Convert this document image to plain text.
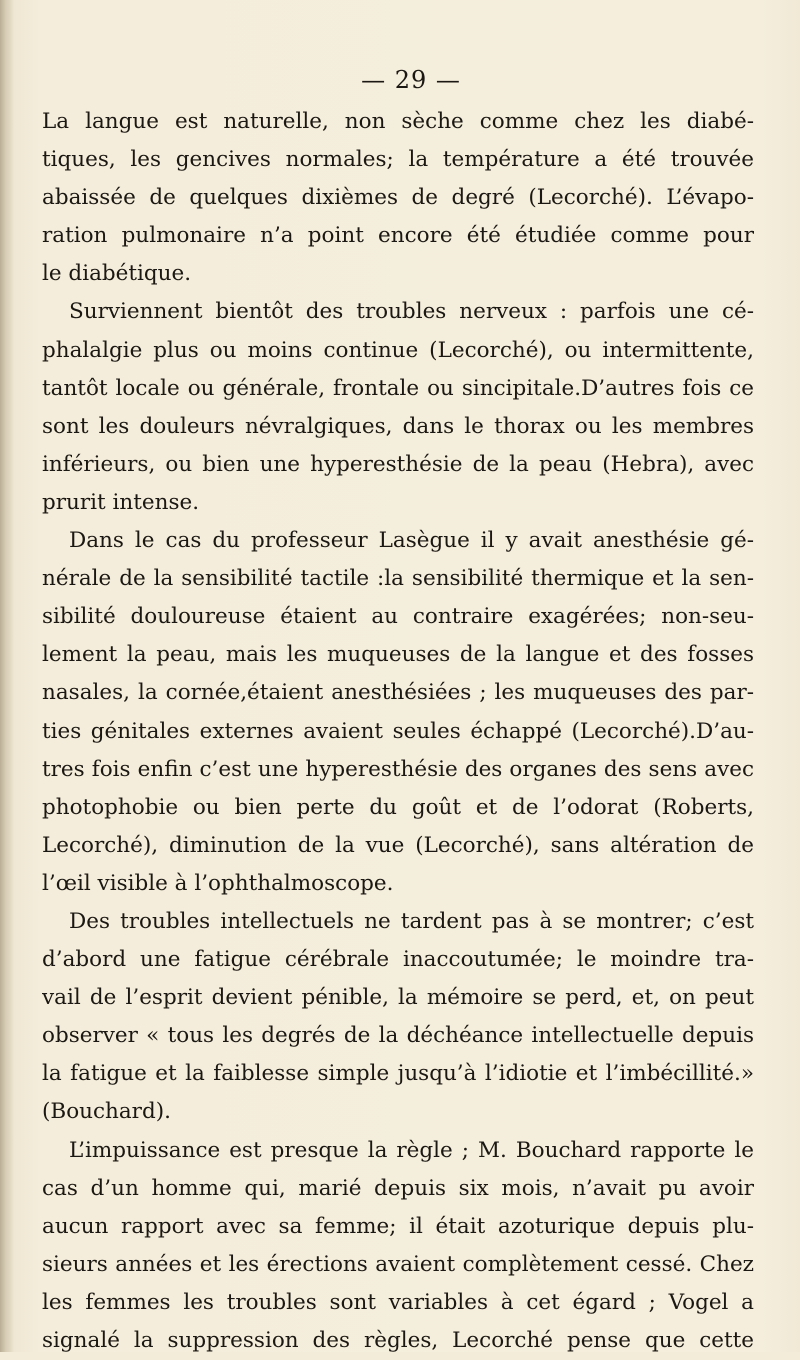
— 29 —
La langue est naturelle, non sèche comme chez les diabé-
tiques, les gencives normales; la température a été trouvée
abaissée de quelques dixièmes de degré (Lecorché). L’évapo-
ration pulmonaire n’a point encore été étudiée comme pour
le diabétique.
Surviennent bientôt des troubles nerveux : parfois une cé-
phalalgie plus ou moins continue (Lecorché), ou intermittente,
tantôt locale ou générale, frontale ou sincipitale.D’autres fois ce
sont les douleurs névralgiques, dans le thorax ou les membres
inférieurs, ou bien une hyperesthésie de la peau (Hebra), avec
prurit intense.
Dans le cas du professeur Lasègue il y avait anesthésie gé-
nérale de la sensibilité tactile :la sensibilité thermique et la sen-
sibilité douloureuse étaient au contraire exagérées; non-seu-
lement la peau, mais les muqueuses de la langue et des fosses
nasales, la cornée,étaient anesthésiées ; les muqueuses des par-
ties génitales externes avaient seules échappé (Lecorché).D’au-
tres fois enfin c’est une hyperesthésie des organes des sens avec
photophobie ou bien perte du goût et de l’odorat (Roberts,
Lecorché), diminution de la vue (Lecorché), sans altération de
l’œil visible à l’ophthalmoscope.
Des troubles intellectuels ne tardent pas à se montrer; c’est
d’abord une fatigue cérébrale inaccoutumée; le moindre tra-
vail de l’esprit devient pénible, la mémoire se perd, et, on peut
observer « tous les degrés de la déchéance intellectuelle depuis
la fatigue et la faiblesse simple jusqu’à l’idiotie et l’imbécillité.»
(Bouchard).
L’impuissance est presque la règle ; M. Bouchard rapporte le
cas d’un homme qui, marié depuis six mois, n’avait pu avoir
aucun rapport avec sa femme; il était azoturique depuis plu-
sieurs années et les érections avaient complètement cessé. Chez
les femmes les troubles sont variables à cet égard ; Vogel a
signalé la suppression des règles, Lecorché pense que cette
